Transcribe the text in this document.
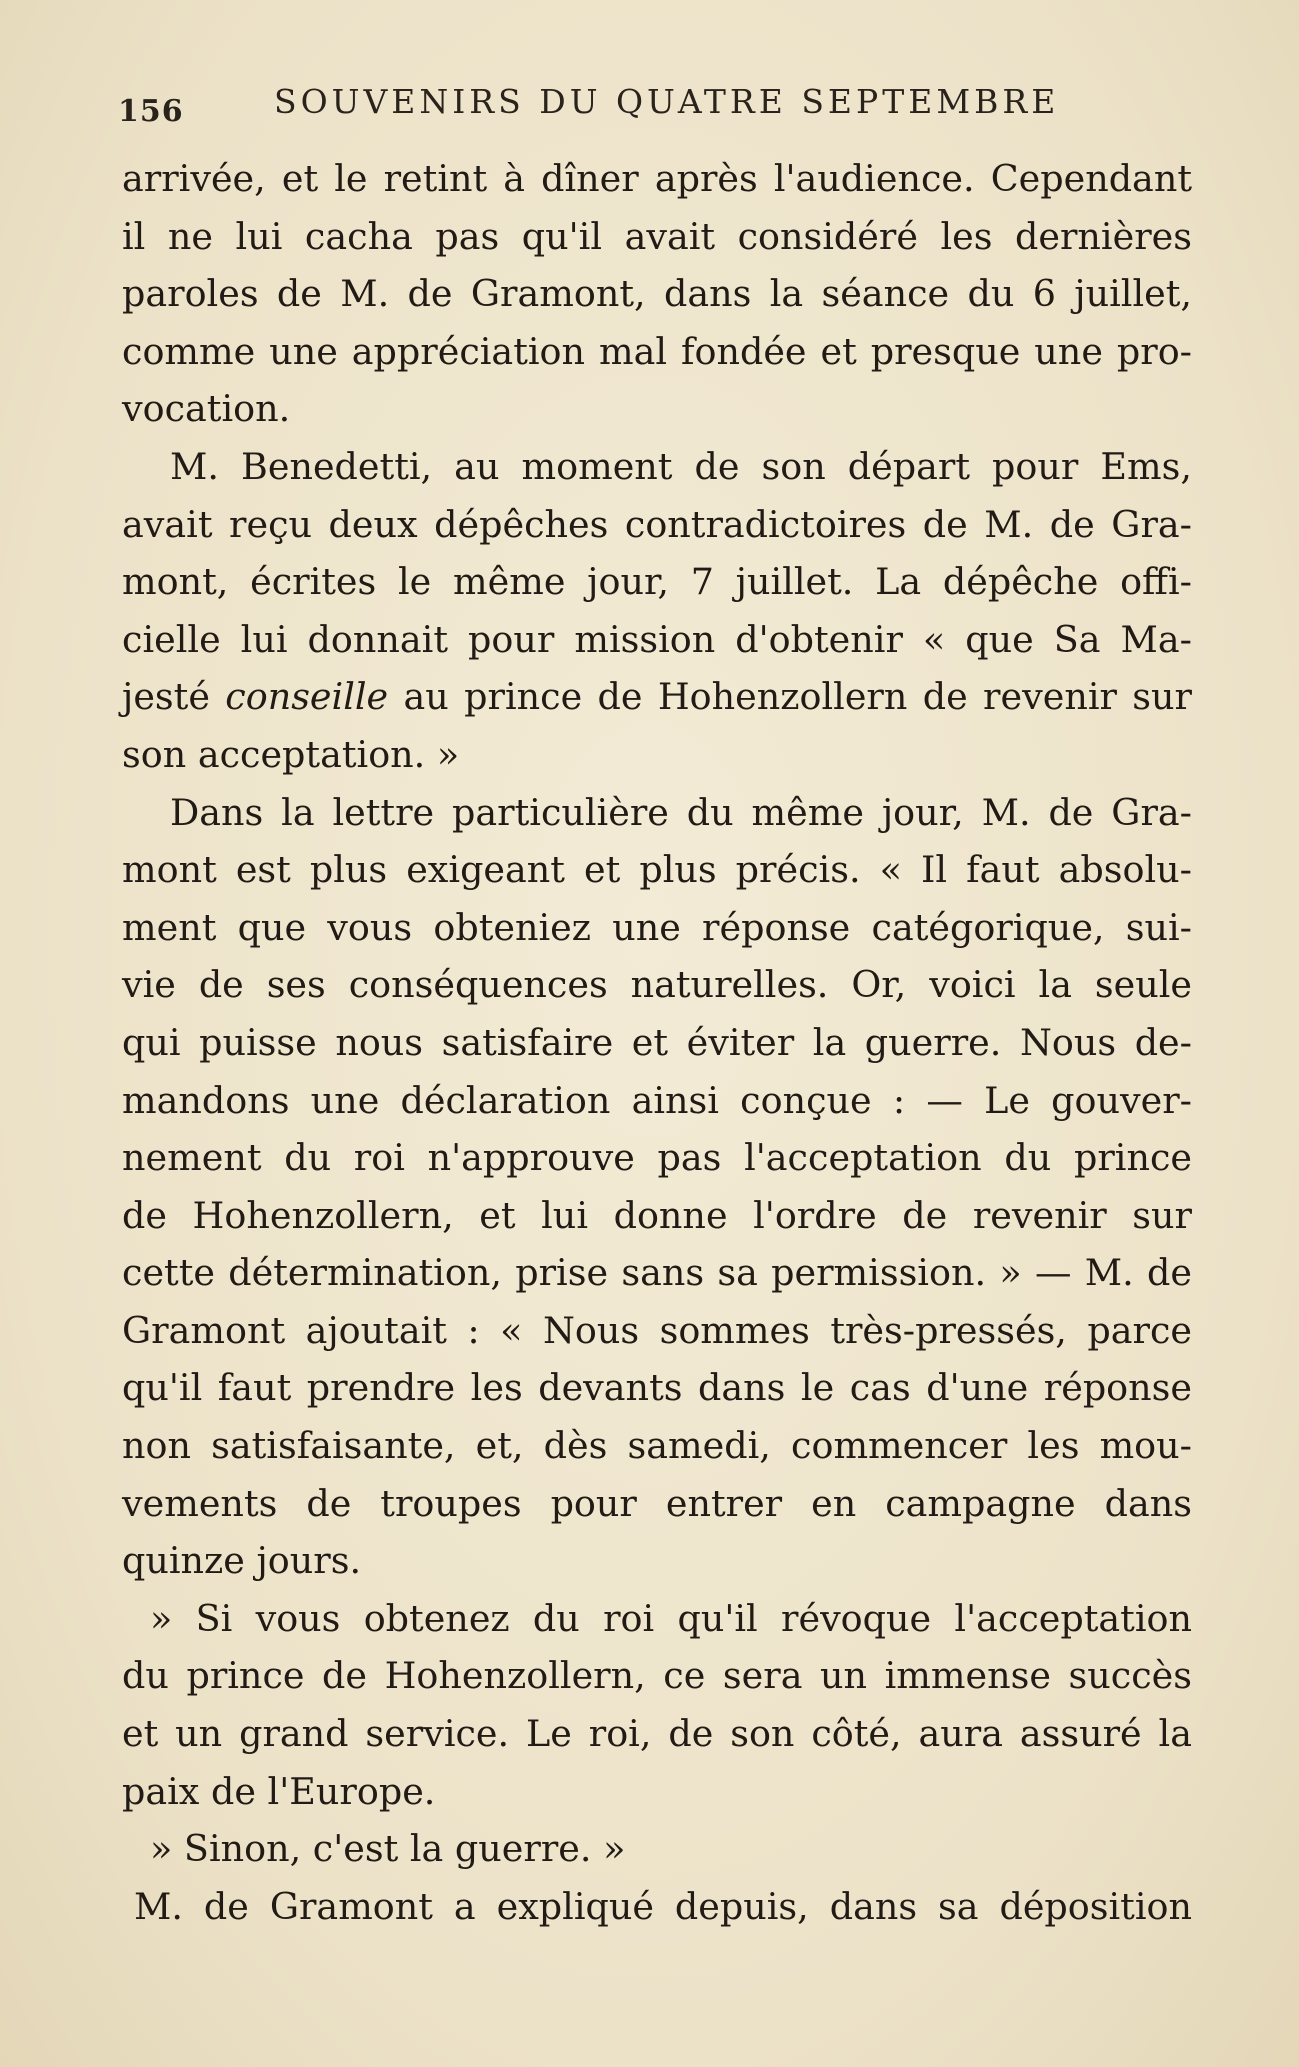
156	SOUVENIRS DU QUATRE SEPTEMBRE
arrivée, et le retint à dîner après l'audience. Cependant
il ne lui cacha pas qu'il avait considéré les dernières
paroles de M. de Gramont, dans la séance du 6 juillet,
comme une appréciation mal fondée et presque une pro-
vocation.
M. Benedetti, au moment de son départ pour Ems,
avait reçu deux dépêches contradictoires de M. de Gra-
mont, écrites le même jour, 7 juillet. La dépêche offi-
cielle lui donnait pour mission d'obtenir « que Sa Ma-
jesté conseille au prince de Hohenzollern de revenir sur
son acceptation. »
Dans la lettre particulière du même jour, M. de Gra-
mont est plus exigeant et plus précis. « Il faut absolu-
ment que vous obteniez une réponse catégorique, sui-
vie de ses conséquences naturelles. Or, voici la seule
qui puisse nous satisfaire et éviter la guerre. Nous de-
mandons une déclaration ainsi conçue : — Le gouver-
nement du roi n'approuve pas l'acceptation du prince
de Hohenzollern, et lui donne l'ordre de revenir sur
cette détermination, prise sans sa permission. » — M. de
Gramont ajoutait : « Nous sommes très-pressés, parce
qu'il faut prendre les devants dans le cas d'une réponse
non satisfaisante, et, dès samedi, commencer les mou-
vements de troupes pour entrer en campagne dans
quinze jours.
» Si vous obtenez du roi qu'il révoque l'acceptation
du prince de Hohenzollern, ce sera un immense succès
et un grand service. Le roi, de son côté, aura assuré la
paix de l'Europe.
» Sinon, c'est la guerre. »
M. de Gramont a expliqué depuis, dans sa déposition
